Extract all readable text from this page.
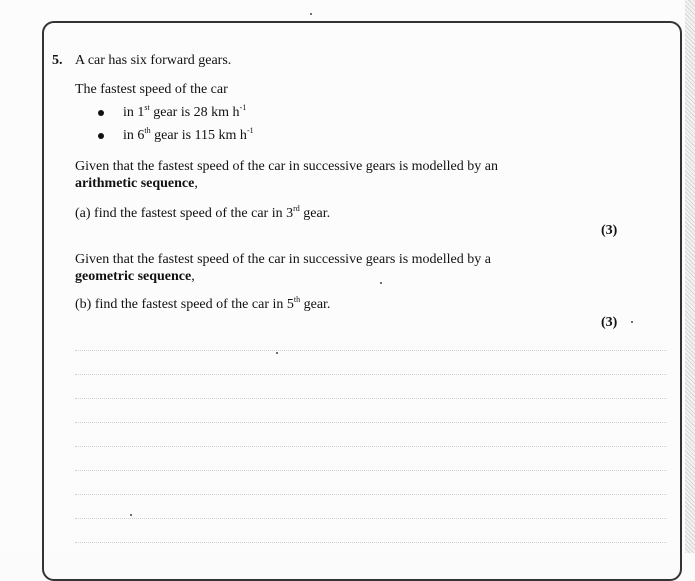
5. A car has six forward gears.
The fastest speed of the car
in 1st gear is 28 km $h^{-1}$
in 6th gear is 115 km $h^{-1}$
Given that the fastest speed of the car in successive gears is modelled by an
arithmetic sequence,
(a) find the fastest speed of the car in 3rd gear.
(3)
Given that the fastest speed of the car in successive gears is modelled by a
geometric sequence,
(b) find the fastest speed of the car in 5th gear.
(3)
